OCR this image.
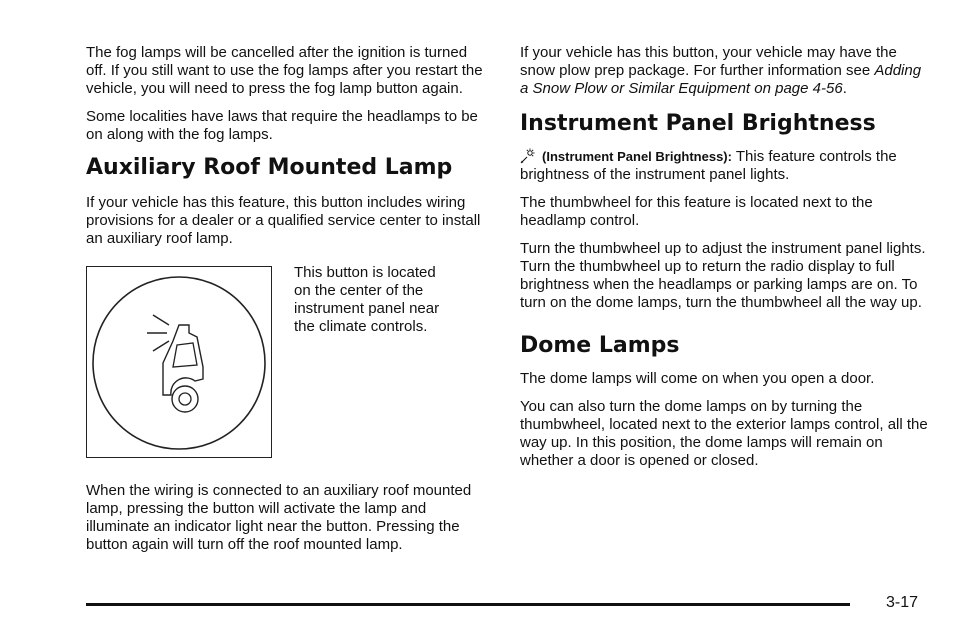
The fog lamps will be cancelled after the ignition is turned off. If you still want to use the fog lamps after you restart the vehicle, you will need to press the fog lamp button again.

Some localities have laws that require the headlamps to be on along with the fog lamps.

Auxiliary Roof Mounted Lamp

If your vehicle has this feature, this button includes wiring provisions for a dealer or a qualified service center to install an auxiliary roof lamp.

This button is located on the center of the instrument panel near the climate controls.

When the wiring is connected to an auxiliary roof mounted lamp, pressing the button will activate the lamp and illuminate an indicator light near the button. Pressing the button again will turn off the roof mounted lamp.

If your vehicle has this button, your vehicle may have the snow plow prep package. For further information see Adding a Snow Plow or Similar Equipment on page 4-56.

Instrument Panel Brightness

(Instrument Panel Brightness): This feature controls the brightness of the instrument panel lights.

The thumbwheel for this feature is located next to the headlamp control.

Turn the thumbwheel up to adjust the instrument panel lights. Turn the thumbwheel up to return the radio display to full brightness when the headlamps or parking lamps are on. To turn on the dome lamps, turn the thumbwheel all the way up.

Dome Lamps

The dome lamps will come on when you open a door.

You can also turn the dome lamps on by turning the thumbwheel, located next to the exterior lamps control, all the way up. In this position, the dome lamps will remain on whether a door is opened or closed.

3-17
